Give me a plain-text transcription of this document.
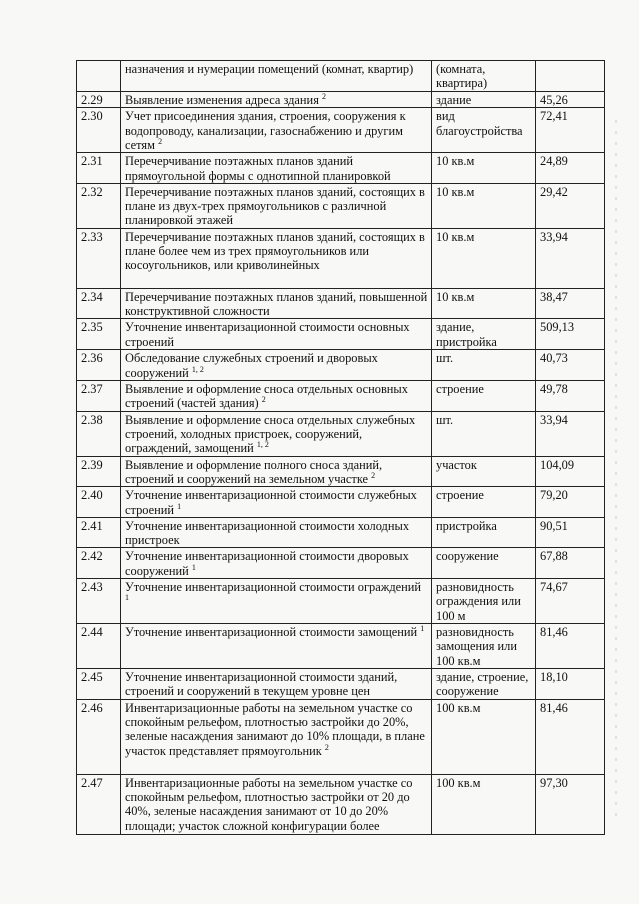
	назначения и нумерации помещений (комнат, квартир)	(комната, квартира)	
2.29	Выявление изменения адреса здания $^2$	здание	45,26
2.30	Учет присоединения здания, строения, сооружения к водопроводу, канализации, газоснабжению и другим сетям $^2$	вид благоустройства	72,41
2.31	Перечерчивание поэтажных планов зданий прямоугольной формы с однотипной планировкой	10 кв.м	24,89
2.32	Перечерчивание поэтажных планов зданий, состоящих в плане из двух-трех прямоугольников с различной планировкой этажей	10 кв.м	29,42
2.33	Перечерчивание поэтажных планов зданий, состоящих в плане более чем из трех прямоугольников или косоугольников, или криволинейных	10 кв.м	33,94
2.34	Перечерчивание поэтажных планов зданий, повышенной конструктивной сложности	10 кв.м	38,47
2.35	Уточнение инвентаризационной стоимости основных строений	здание, пристройка	509,13
2.36	Обследование служебных строений и дворовых сооружений $^{1, 2}$	шт.	40,73
2.37	Выявление и оформление сноса отдельных основных строений (частей здания) $^2$	строение	49,78
2.38	Выявление и оформление сноса отдельных служебных строений, холодных пристроек, сооружений, ограждений, замощений $^{1, 2}$	шт.	33,94
2.39	Выявление и оформление полного сноса зданий, строений и сооружений на земельном участке $^2$	участок	104,09
2.40	Уточнение инвентаризационной стоимости служебных строений $^1$	строение	79,20
2.41	Уточнение инвентаризационной стоимости холодных пристроек	пристройка	90,51
2.42	Уточнение инвентаризационной стоимости дворовых сооружений $^1$	сооружение	67,88
2.43	Уточнение инвентаризационной стоимости ограждений $^1$	разновидность ограждения или 100 м	74,67
2.44	Уточнение инвентаризационной стоимости замощений $^1$	разновидность замощения или 100 кв.м	81,46
2.45	Уточнение инвентаризационной стоимости зданий, строений и сооружений в текущем уровне цен	здание, строение, сооружение	18,10
2.46	Инвентаризационные работы на земельном участке со спокойным рельефом, плотностью застройки до 20%, зеленые насаждения занимают до 10% площади, в плане участок представляет прямоугольник $^2$	100 кв.м	81,46
2.47	Инвентаризационные работы на земельном участке со спокойным рельефом, плотностью застройки от 20 до 40%, зеленые насаждения занимают от 10 до 20% площади; участок сложной конфигурации более	100 кв.м	97,30
